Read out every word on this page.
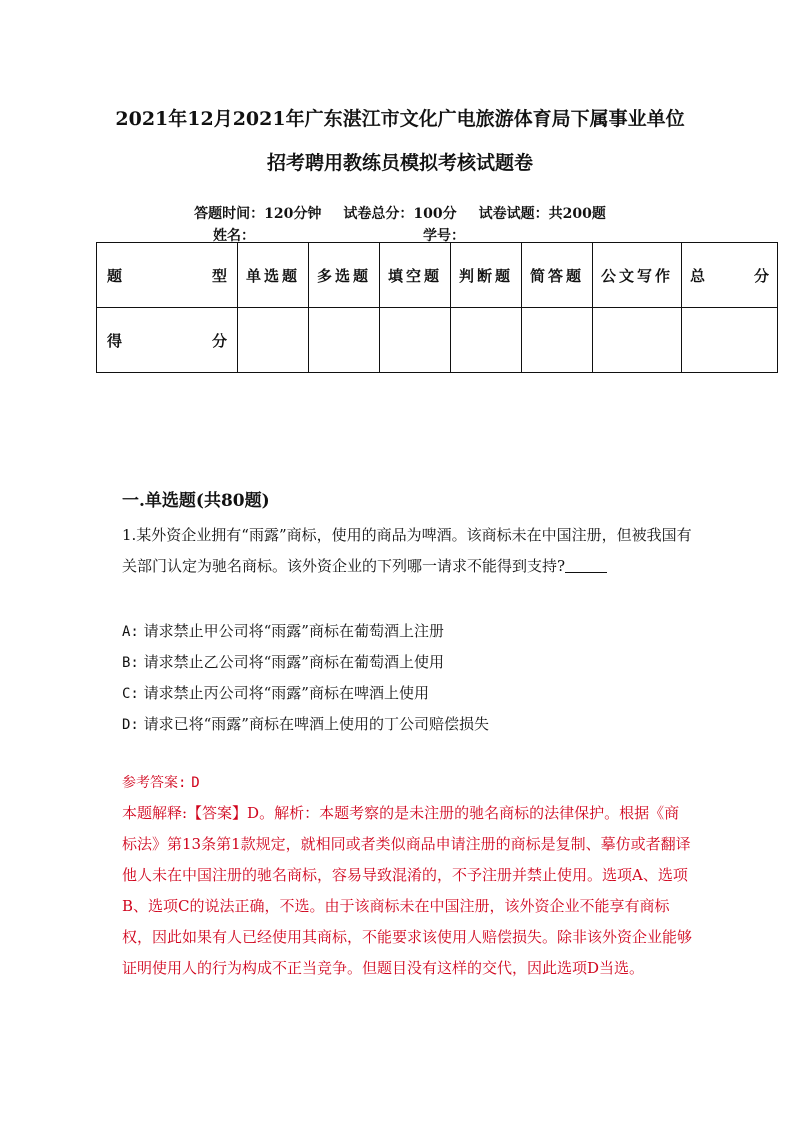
2021年12月2021年广东湛江市文化广电旅游体育局下属事业单位
招考聘用教练员模拟考核试题卷
答题时间：120分钟 试卷总分：100分 试卷试题：共200题
姓名：	学号：
题 型	单选题	多选题	填空题	判断题	简答题	公文写作	总 分

得 分							

一.单选题(共80题)
1.某外资企业拥有“雨露”商标，使用的商品为啤酒。该商标未在中国注册，但被我国有关部门认定为驰名商标。该外资企业的下列哪一请求不能得到支持?
A: 请求禁止甲公司将“雨露”商标在葡萄酒上注册
B: 请求禁止乙公司将“雨露”商标在葡萄酒上使用
C: 请求禁止丙公司将“雨露”商标在啤酒上使用
D: 请求已将“雨露”商标在啤酒上使用的丁公司赔偿损失
参考答案: D
本题解释:【答案】D。解析：本题考察的是未注册的驰名商标的法律保护。根据《商标法》第13条第1款规定，就相同或者类似商品申请注册的商标是复制、摹仿或者翻译他人未在中国注册的驰名商标，容易导致混淆的，不予注册并禁止使用。选项A、选项B、选项C的说法正确，不选。由于该商标未在中国注册，该外资企业不能享有商标权，因此如果有人已经使用其商标，不能要求该使用人赔偿损失。除非该外资企业能够证明使用人的行为构成不正当竞争。但题目没有这样的交代，因此选项D当选。
